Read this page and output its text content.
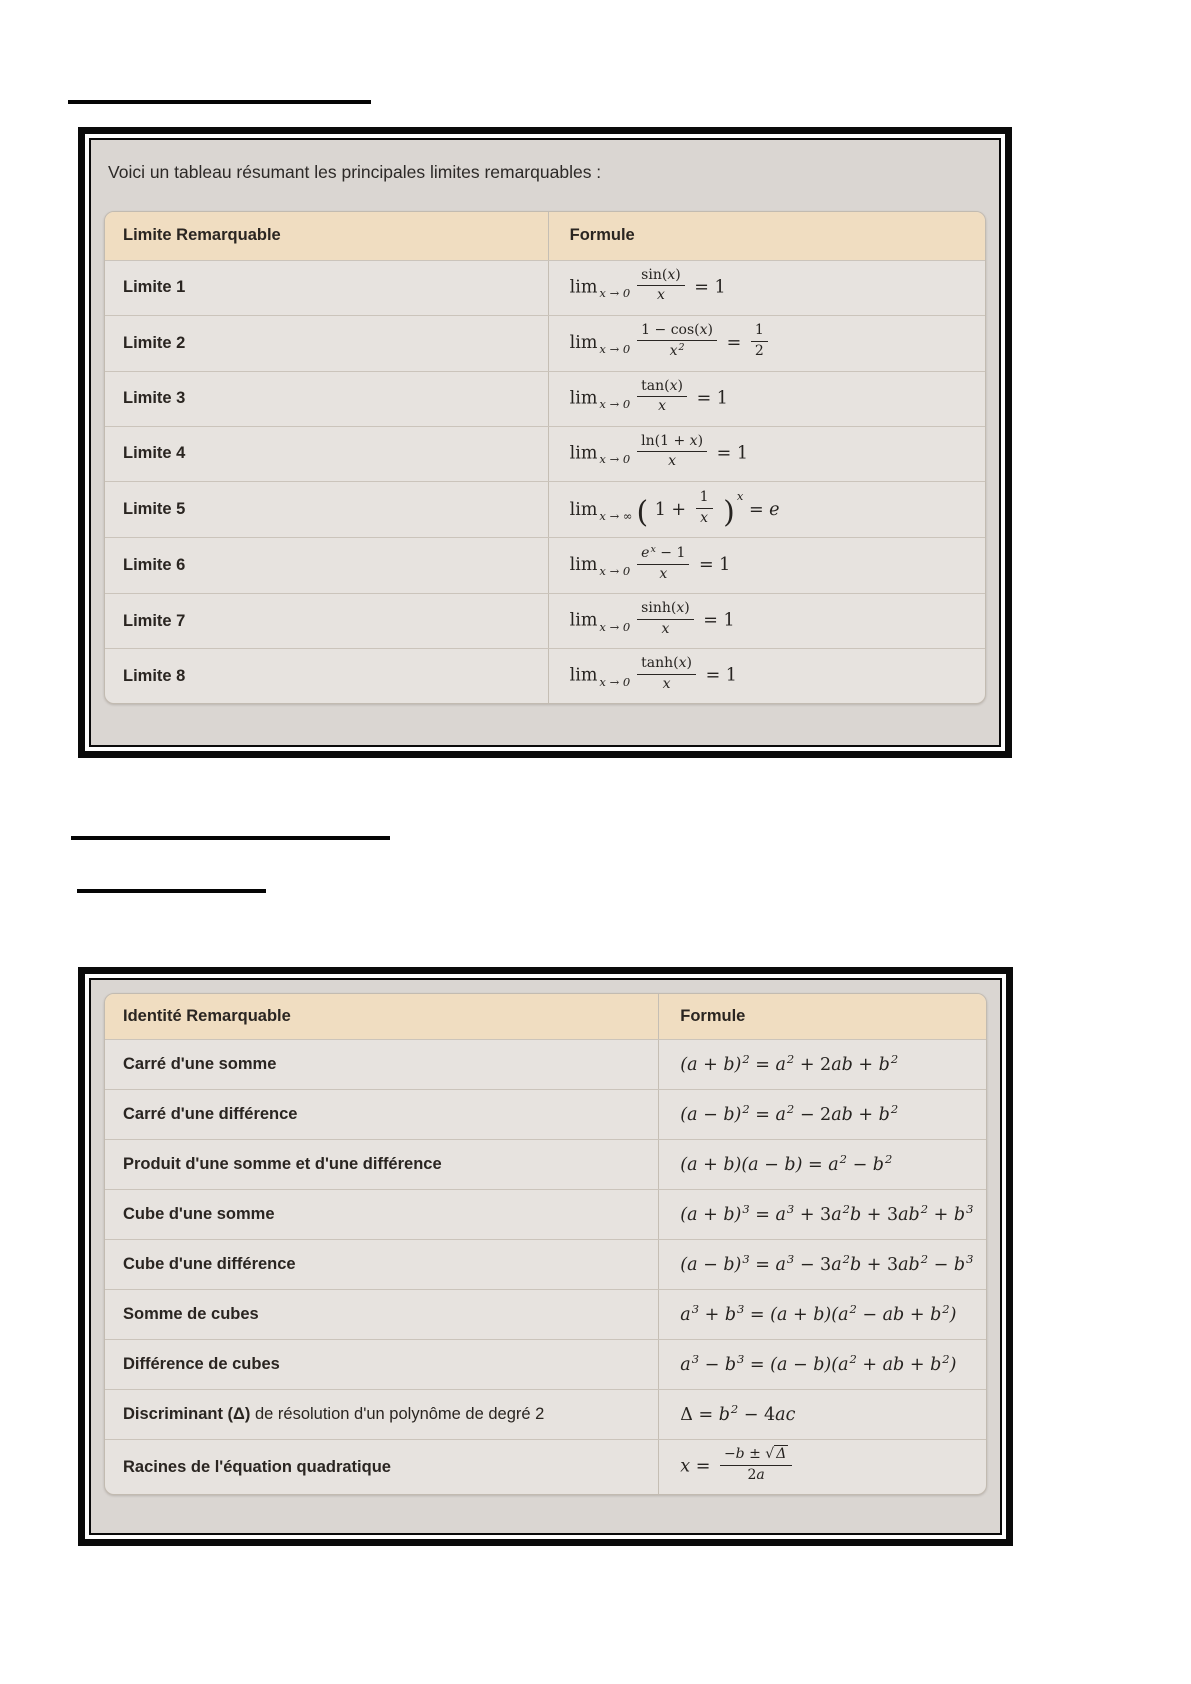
Voici un tableau résumant les principales limites remarquables :
Limite Remarquable	Formule
Limite 1	$\lim _{x \to 0} \frac{\sin(x)}{x} = 1$
Limite 2	$\lim _{x \to 0} \frac{1 - \cos(x)}{x^2} = \frac{1}{2}$
Limite 3	$\lim _{x \to 0} \frac{\tan(x)}{x} = 1$
Limite 4	$\lim _{x \to 0} \frac{\ln(1 + x)}{x} = 1$
Limite 5	lim $_{x \to \infty}$ ( $1 + \frac{1}{x}$ ) $^x$ = e
Limite 6	$\lim _{x \to 0} \frac{e^x - 1}{x} = 1$
Limite 7	$\lim _{x \to 0} \frac{\sinh(x)}{x} = 1$
Limite 8	$\lim _{x \to 0} \frac{\tanh(x)}{x} = 1$
Identité Remarquable	Formule
Carré d'une somme	$(a + b)^2 = a^2 + 2ab + b^2$
Carré d'une différence	$(a - b)^2 = a^2 - 2ab + b^2$
Produit d'une somme et d'une différence	$(a + b)(a - b) = a^2 - b^2$
Cube d'une somme	$(a + b)^3 = a^3 + 3a^2b + 3ab^2 + b^3$
Cube d'une différence	$(a - b)^3 = a^3 - 3a^2b + 3ab^2 - b^3$
Somme de cubes	$a^3 + b^3 = (a + b)(a^2$ − ab + $b^2$)
Différence de cubes	$a^3 - b^3 = (a - b)(a^2$ + ab + $b^2$)
Discriminant (Δ) de résolution d'un polynôme de degré 2	$\Delta = b^2 - 4ac$
Racines de l'équation quadratique	$x = \frac{-b \pm √ \Delta}{2a}$
